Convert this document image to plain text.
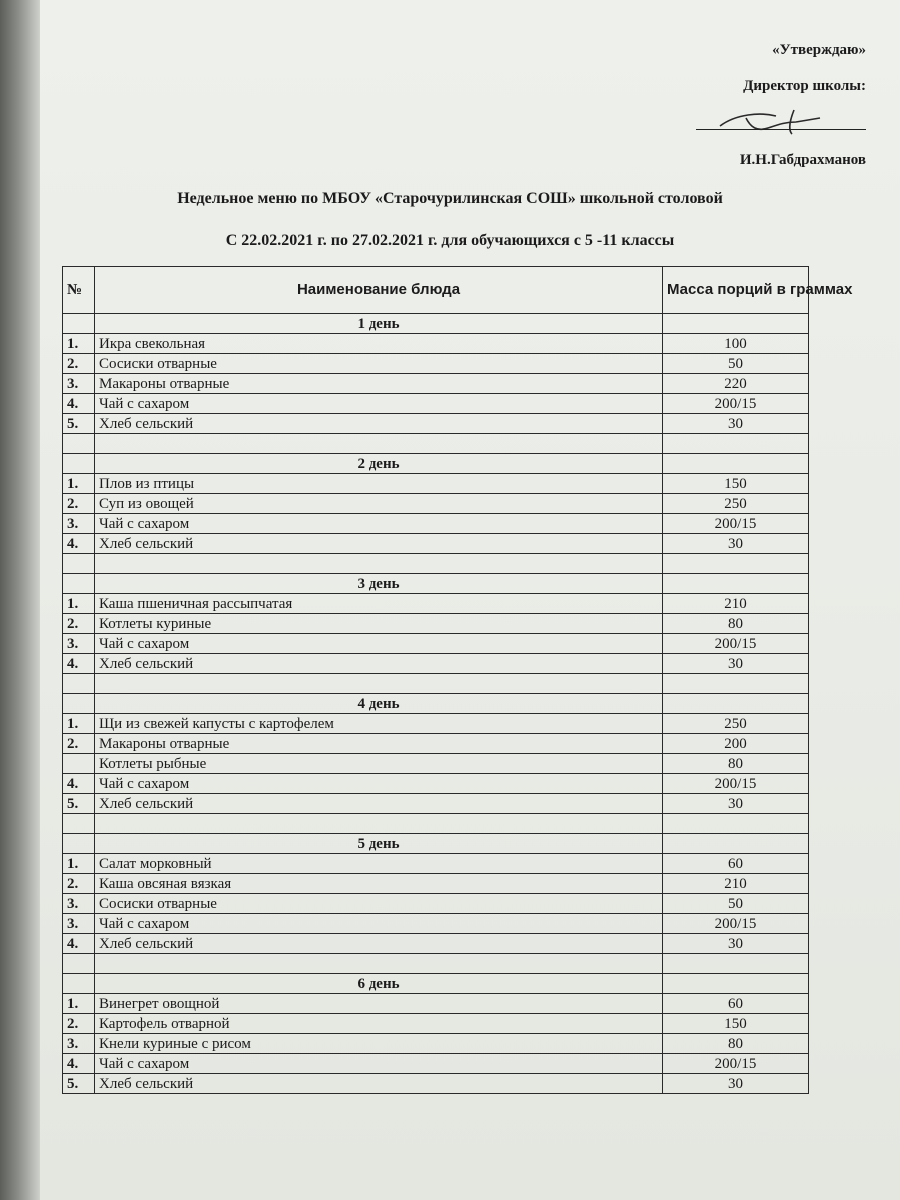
«Утверждаю»
Директор школы:
И.Н.Габдрахманов
Недельное меню по МБОУ «Старочурилинская СОШ» школьной столовой
С 22.02.2021 г. по 27.02.2021 г. для обучающихся с 5 -11 классы
№	Наименование блюда	Масса порций в граммах
	1 день	
1.	Икра свекольная	100
2.	Сосиски отварные	50
3.	Макароны отварные	220
4.	Чай с сахаром	200/15
5.	Хлеб сельский	30

	2 день	
1.	Плов из птицы	150
2.	Суп из овощей	250
3.	Чай с сахаром	200/15
4.	Хлеб сельский	30

	3 день	
1.	Каша пшеничная рассыпчатая	210
2.	Котлеты куриные	80
3.	Чай с сахаром	200/15
4.	Хлеб сельский	30

	4 день	
1.	Щи из свежей капусты с картофелем	250
2.	Макароны отварные	200
	Котлеты рыбные	80
4.	Чай с сахаром	200/15
5.	Хлеб сельский	30

	5 день	
1.	Салат морковный	60
2.	Каша овсяная вязкая	210
3.	Сосиски отварные	50
3.	Чай с сахаром	200/15
4.	Хлеб сельский	30

	6 день	
1.	Винегрет овощной	60
2.	Картофель отварной	150
3.	Кнели куриные с рисом	80
4.	Чай с сахаром	200/15
5.	Хлеб сельский	30
